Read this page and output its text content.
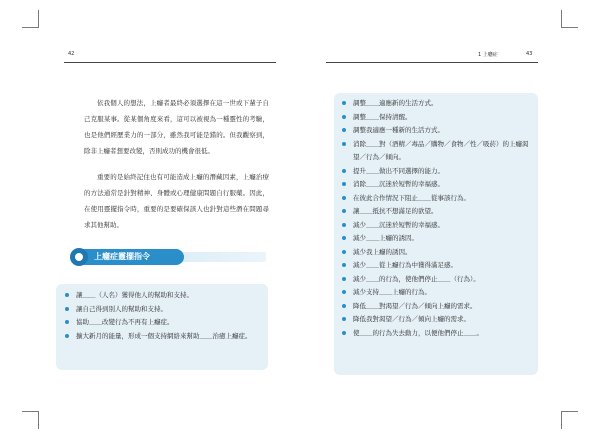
42	1 上癮症	43

依我個人的想法，上癮者最終必須選擇在這一世或下輩子自己克服某事。從某個角度來看，這可以被視為一種靈性的考驗，也是他們經歷業力的一部分，雖然我可能是錯的。但我觀察到，除非上癮者想要改變，否則成功的機會很低。

重要的是始終記住也有可能造成上癮的潛藏因素，上癮治療的方法通常是針對精神、身體或心理健康問題自行服藥。因此，在使用靈擺指令時，重要的是要確保該人也針對這些潛在問題尋求其他幫助。

上癮症靈擺指令
讓＿＿（人名）獲得他人的幫助和支持。
讓自己得到別人的幫助和支持。
協助＿＿改變行為不再有上癮症。
擴大新月的能量，形成一個支持網絡來幫助＿＿治癒上癮症。
調整＿＿適應新的生活方式。
調整＿＿保持清醒。
調整我適應一種新的生活方式。
消除＿＿對（酒精／毒品／購物／食物／性／吸菸）的上癮渴望／行為／傾向。
提升＿＿做出不同選擇的能力。
消除＿＿沉迷於短暫的幸福感。
在彼此合作情況下阻止＿＿從事該行為。
讓＿＿抵抗不想滿足的欲望。
減少＿＿沉迷於短暫的幸福感。
減少＿＿上癮的誘因。
減少我上癮的誘因。
減少＿＿從上癮行為中獲得滿足感。
減少＿＿的行為，使他們停止＿＿（行為）。
減少支持＿＿上癮的行為。
降低＿＿對渴望／行為／傾向上癮的需求。
降低我對渴望／行為／傾向上癮的需求。
使＿＿的行為失去動力，以便他們停止＿＿。
